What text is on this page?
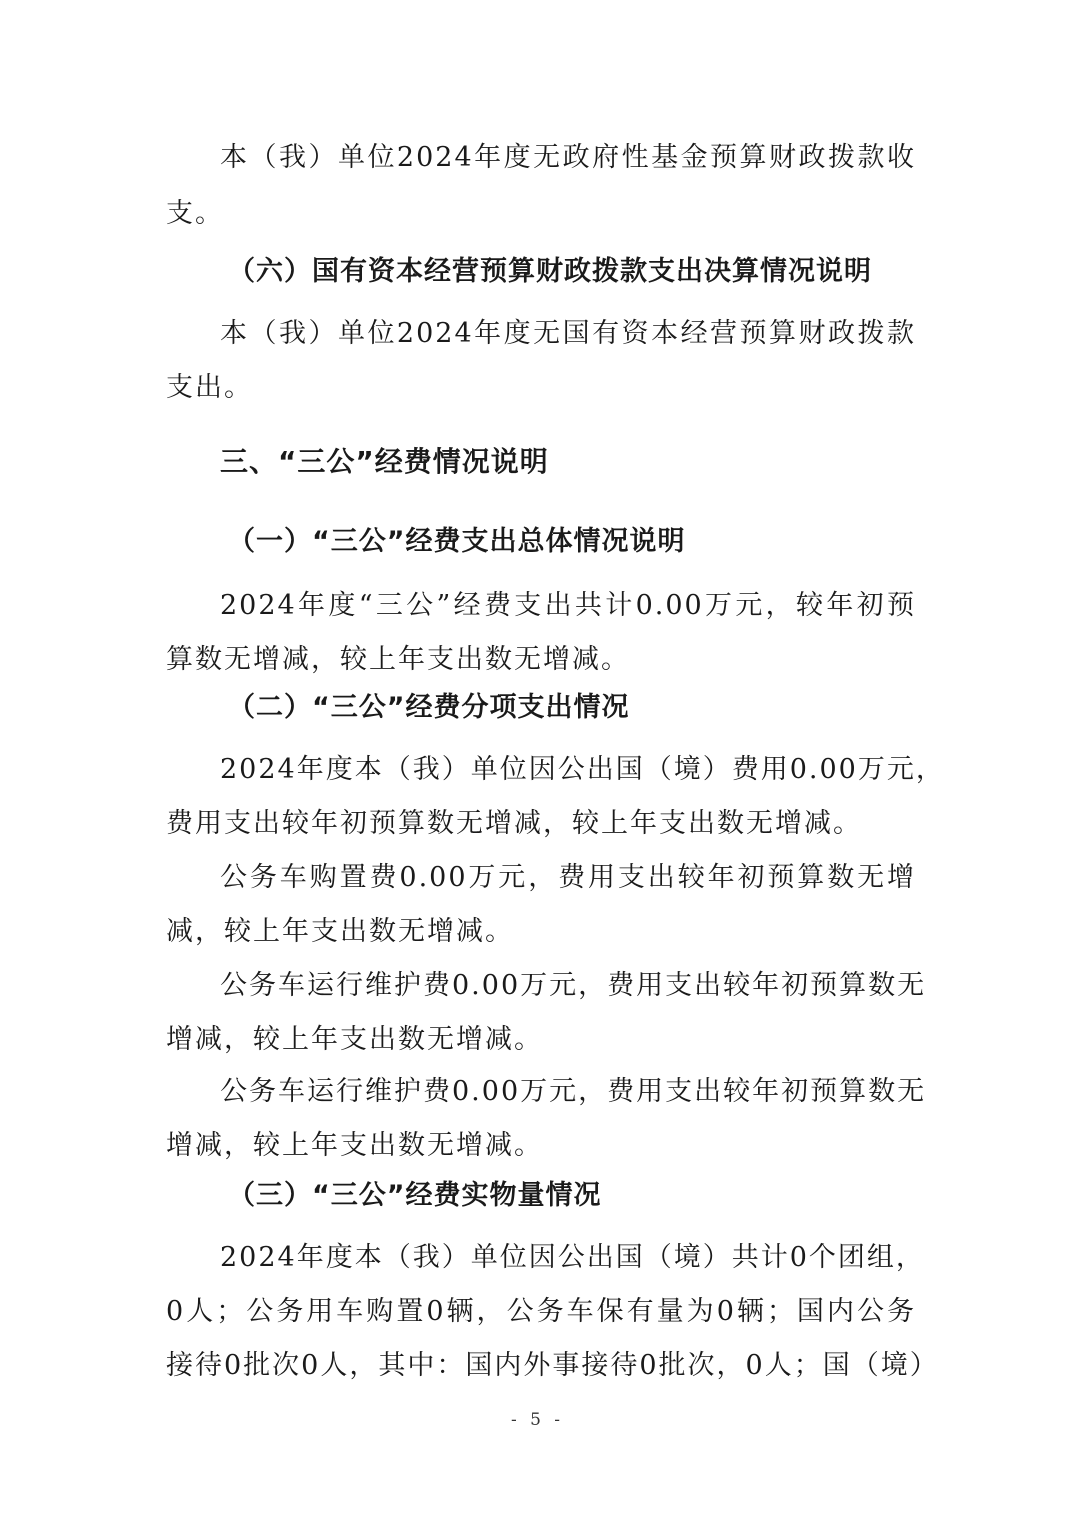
本（我）单位2024年度无政府性基金预算财政拨款收
支。
（六）国有资本经营预算财政拨款支出决算情况说明
本（我）单位2024年度无国有资本经营预算财政拨款
支出。
三、“三公”经费情况说明
（一）“三公”经费支出总体情况说明
2024年度“三公”经费支出共计0.00万元，较年初预
算数无增减，较上年支出数无增减。
（二）“三公”经费分项支出情况
2024年度本（我）单位因公出国（境）费用0.00万元，
费用支出较年初预算数无增减，较上年支出数无增减。
公务车购置费0.00万元，费用支出较年初预算数无增
减，较上年支出数无增减。
公务车运行维护费0.00万元，费用支出较年初预算数无
增减，较上年支出数无增减。
公务车运行维护费0.00万元，费用支出较年初预算数无
增减，较上年支出数无增减。
（三）“三公”经费实物量情况
2024年度本（我）单位因公出国（境）共计0个团组，
0人；公务用车购置0辆，公务车保有量为0辆；国内公务
接待0批次0人，其中：国内外事接待0批次，0人；国（境）
- 5 -
